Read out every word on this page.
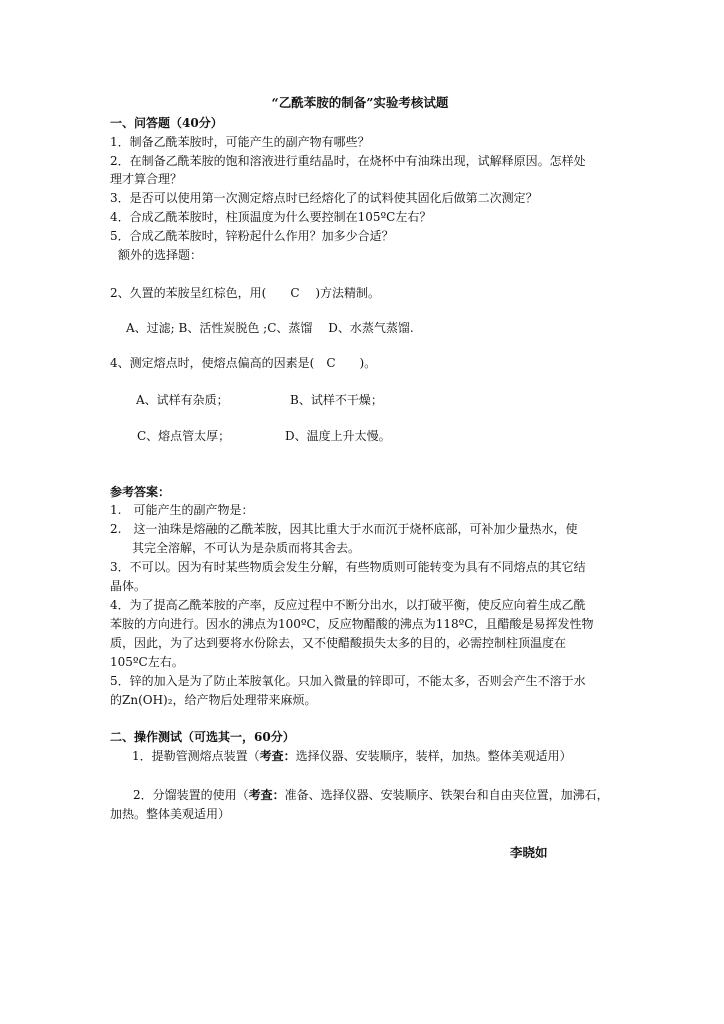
“乙酰苯胺的制备”实验考核试题
一、问答题（40分）
1．制备乙酰苯胺时，可能产生的副产物有哪些？
2．在制备乙酰苯胺的饱和溶液进行重结晶时，在烧杯中有油珠出现，试解释原因。怎样处
理才算合理？
3．是否可以使用第一次测定熔点时已经熔化了的试料使其固化后做第二次测定？
4．合成乙酰苯胺时，柱顶温度为什么要控制在105ºC左右？
5．合成乙酰苯胺时，锌粉起什么作用？加多少合适？
额外的选择题：
2、久置的苯胺呈红棕色，用(　　C　 )方法精制。
A、过滤; B、活性炭脱色 ;C、蒸馏　 D、水蒸气蒸馏.
4、测定熔点时，使熔点偏高的因素是(　C　　)。
A、试样有杂质；	B、试样不干燥；
C、熔点管太厚；	D、温度上升太慢。
参考答案：
1.　可能产生的副产物是：
2.　这一油珠是熔融的乙酰苯胺，因其比重大于水而沉于烧杯底部，可补加少量热水，使
其完全溶解，不可认为是杂质而将其舍去。
3．不可以。因为有时某些物质会发生分解，有些物质则可能转变为具有不同熔点的其它结
晶体。
4．为了提高乙酰苯胺的产率，反应过程中不断分出水，以打破平衡，使反应向着生成乙酰
苯胺的方向进行。因水的沸点为100ºC，反应物醋酸的沸点为118ºC，且醋酸是易挥发性物
质，因此，为了达到要将水份除去，又不使醋酸损失太多的目的，必需控制柱顶温度在
105ºC左右。
5．锌的加入是为了防止苯胺氧化。只加入微量的锌即可，不能太多，否则会产生不溶于水
的Zn(OH)₂，给产物后处理带来麻烦。
二、操作测试（可选其一，60分）
1．提勒管测熔点装置（考查：选择仪器、安装顺序，装样，加热。整体美观适用）
2．分馏装置的使用（考查：准备、选择仪器、安装顺序、铁架台和自由夹位置，加沸石，
加热。整体美观适用）
李晓如
